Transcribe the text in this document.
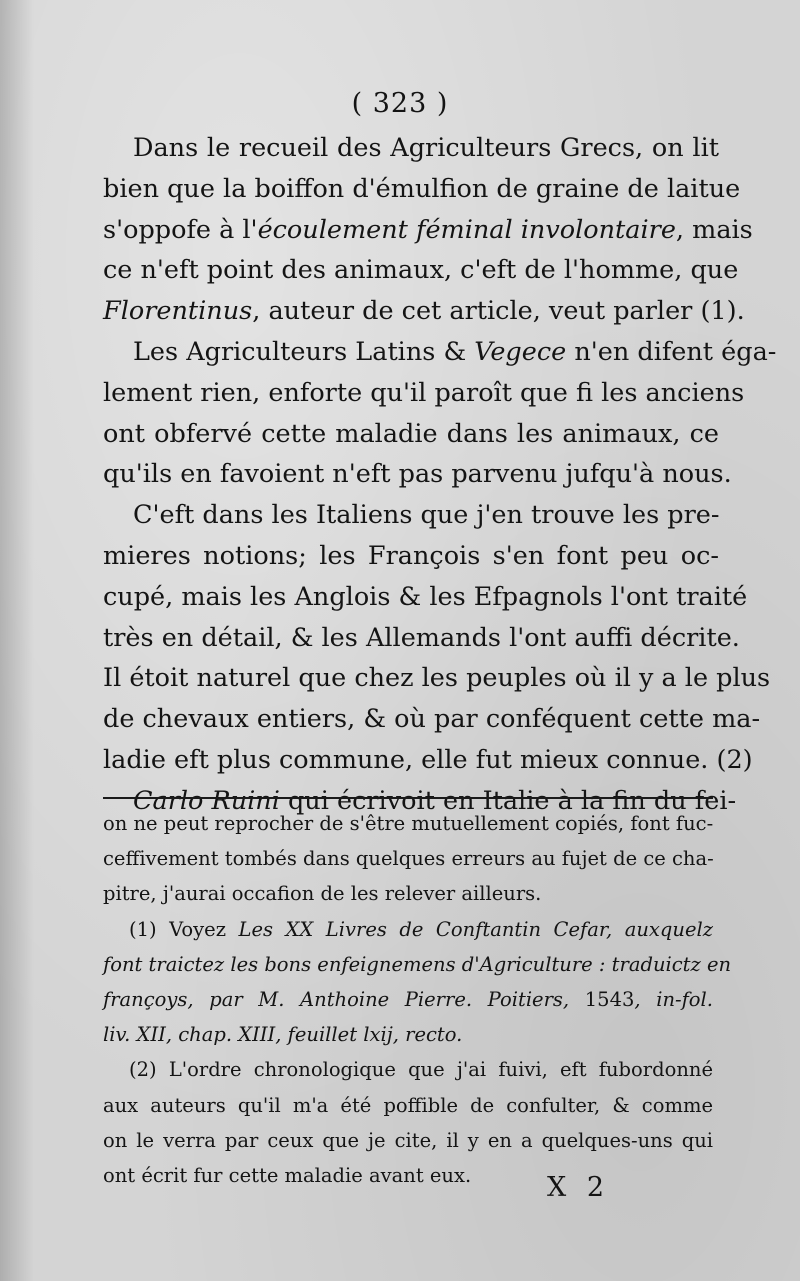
( 323 )
Dans le recueil des Agriculteurs Grecs, on lit
bien que la boiffon d'émulfion de graine de laitue
s'oppofe à l'écoulement féminal involontaire, mais
ce n'eft point des animaux, c'eft de l'homme, que
Florentinus, auteur de cet article, veut parler (1).
Les Agriculteurs Latins & Vegece n'en difent éga-
lement rien, enforte qu'il paroît que fi les anciens
ont obfervé cette maladie dans les animaux, ce
qu'ils en favoient n'eft pas parvenu jufqu'à nous.
C'eft dans les Italiens que j'en trouve les pre-
mieres notions; les François s'en font peu oc-
cupé, mais les Anglois & les Efpagnols l'ont traité
très en détail, & les Allemands l'ont auffi décrite.
Il étoit naturel que chez les peuples où il y a le plus
de chevaux entiers, & où par conféquent cette ma-
ladie eft plus commune, elle fut mieux connue. (2)
Carlo Ruini qui écrivoit en Italie à la fin du fei-
on ne peut reprocher de s'être mutuellement copiés, font fuc-
ceffivement tombés dans quelques erreurs au fujet de ce cha-
pitre, j'aurai occafion de les relever ailleurs.
(1) Voyez Les XX Livres de Conftantin Cefar, auxquelz
font traictez les bons enfeignemens d'Agriculture : traduictz en
françoys, par M. Anthoine Pierre. Poitiers, 1543, in-fol.
liv. XII, chap. XIII, feuillet lxij, recto.
(2) L'ordre chronologique que j'ai fuivi, eft fubordonné
aux auteurs qu'il m'a été poffible de confulter, & comme
on le verra par ceux que je cite, il y en a quelques-uns qui
ont écrit fur cette maladie avant eux.	X 2
